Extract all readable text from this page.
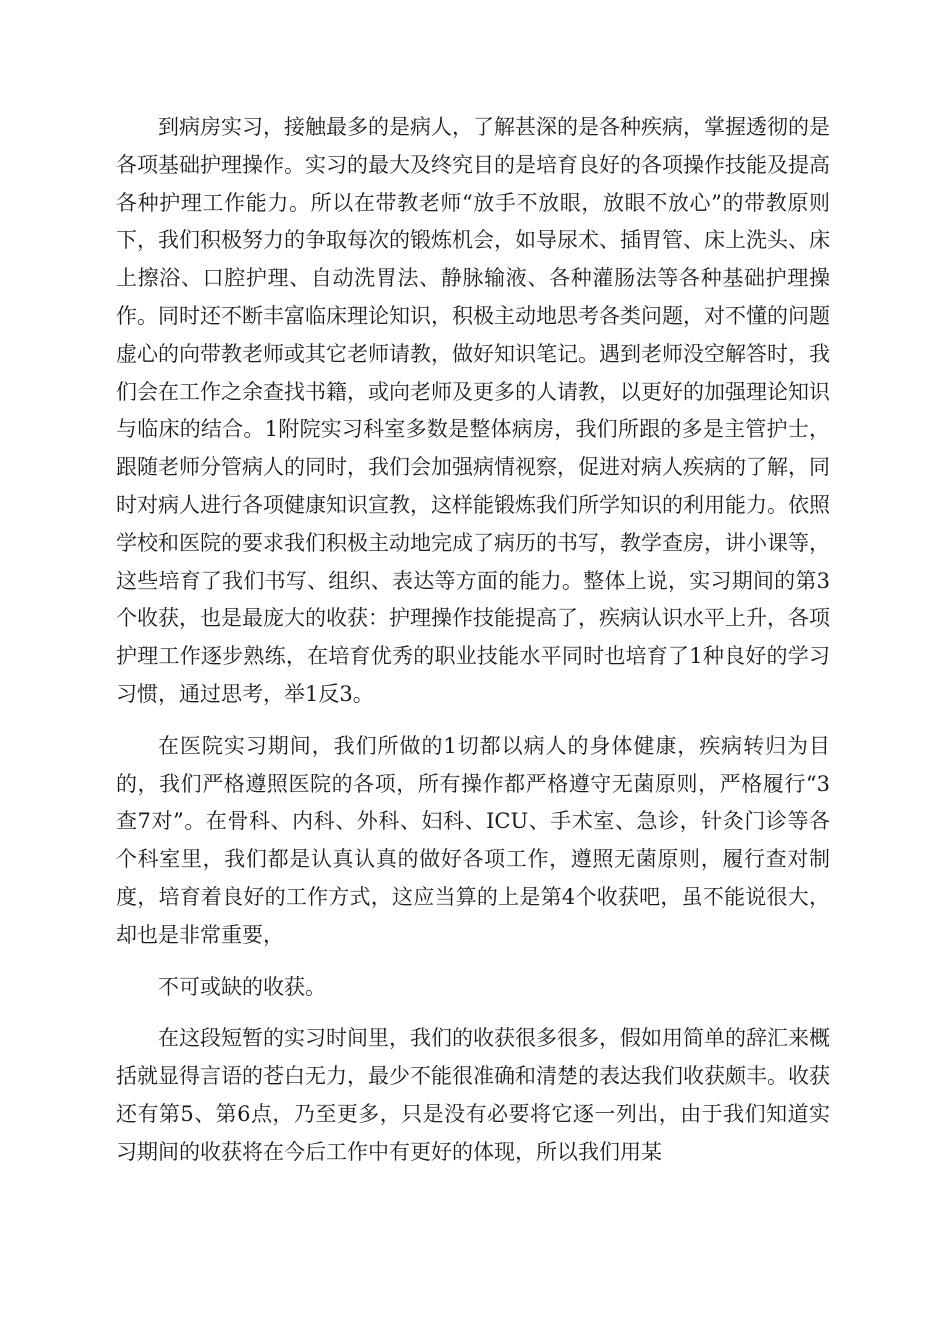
到病房实习，接触最多的是病人，了解甚深的是各种疾病，掌握透彻的是各项基础护理操作。实习的最大及终究目的是培育良好的各项操作技能及提高各种护理工作能力。所以在带教老师“放手不放眼，放眼不放心”的带教原则下，我们积极努力的争取每次的锻炼机会，如导尿术、插胃管、床上洗头、床上擦浴、口腔护理、自动洗胃法、静脉输液、各种灌肠法等各种基础护理操作。同时还不断丰富临床理论知识，积极主动地思考各类问题，对不懂的问题虚心的向带教老师或其它老师请教，做好知识笔记。遇到老师没空解答时，我们会在工作之余查找书籍，或向老师及更多的人请教，以更好的加强理论知识与临床的结合。1附院实习科室多数是整体病房，我们所跟的多是主管护士，跟随老师分管病人的同时，我们会加强病情视察，促进对病人疾病的了解，同时对病人进行各项健康知识宣教，这样能锻炼我们所学知识的利用能力。依照学校和医院的要求我们积极主动地完成了病历的书写，教学查房，讲小课等，这些培育了我们书写、组织、表达等方面的能力。整体上说，实习期间的第3个收获，也是最庞大的收获：护理操作技能提高了，疾病认识水平上升，各项护理工作逐步熟练，在培育优秀的职业技能水平同时也培育了1种良好的学习习惯，通过思考，举1反3。

在医院实习期间，我们所做的1切都以病人的身体健康，疾病转归为目的，我们严格遵照医院的各项，所有操作都严格遵守无菌原则，严格履行“3查7对”。在骨科、内科、外科、妇科、ICU、手术室、急诊，针灸门诊等各个科室里，我们都是认真认真的做好各项工作，遵照无菌原则，履行查对制度，培育着良好的工作方式，这应当算的上是第4个收获吧，虽不能说很大，却也是非常重要，

不可或缺的收获。

在这段短暂的实习时间里，我们的收获很多很多，假如用简单的辞汇来概括就显得言语的苍白无力，最少不能很准确和清楚的表达我们收获颇丰。收获还有第5、第6点，乃至更多，只是没有必要将它逐一列出，由于我们知道实习期间的收获将在今后工作中有更好的体现，所以我们用某
